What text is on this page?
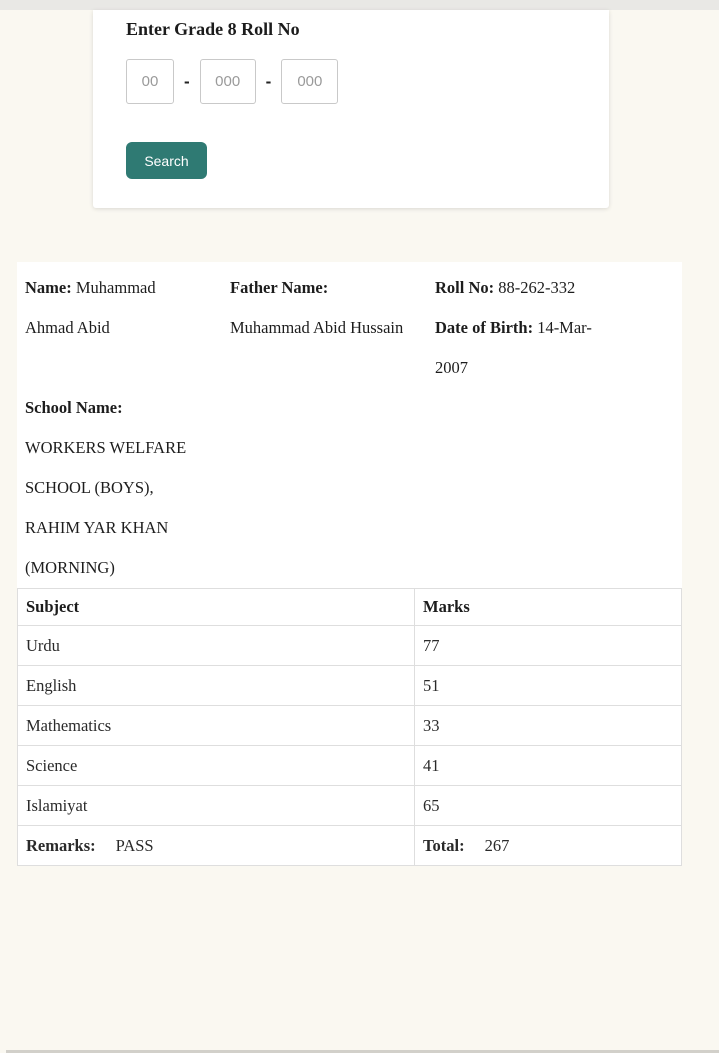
Enter Grade 8 Roll No
00
-
000	-
000
Search
Name: Muhammad Ahmad Abid
Father Name:
Muhammad Abid Hussain
Roll No: 88-262-332
Date of Birth: 14-Mar-2007
School Name:
WORKERS WELFARE SCHOOL (BOYS), RAHIM YAR KHAN (MORNING)
Subject	Marks
Urdu	77
English	51
Mathematics	33
Science	41
Islamiyat	65
Remarks: PASS	Total: 267
